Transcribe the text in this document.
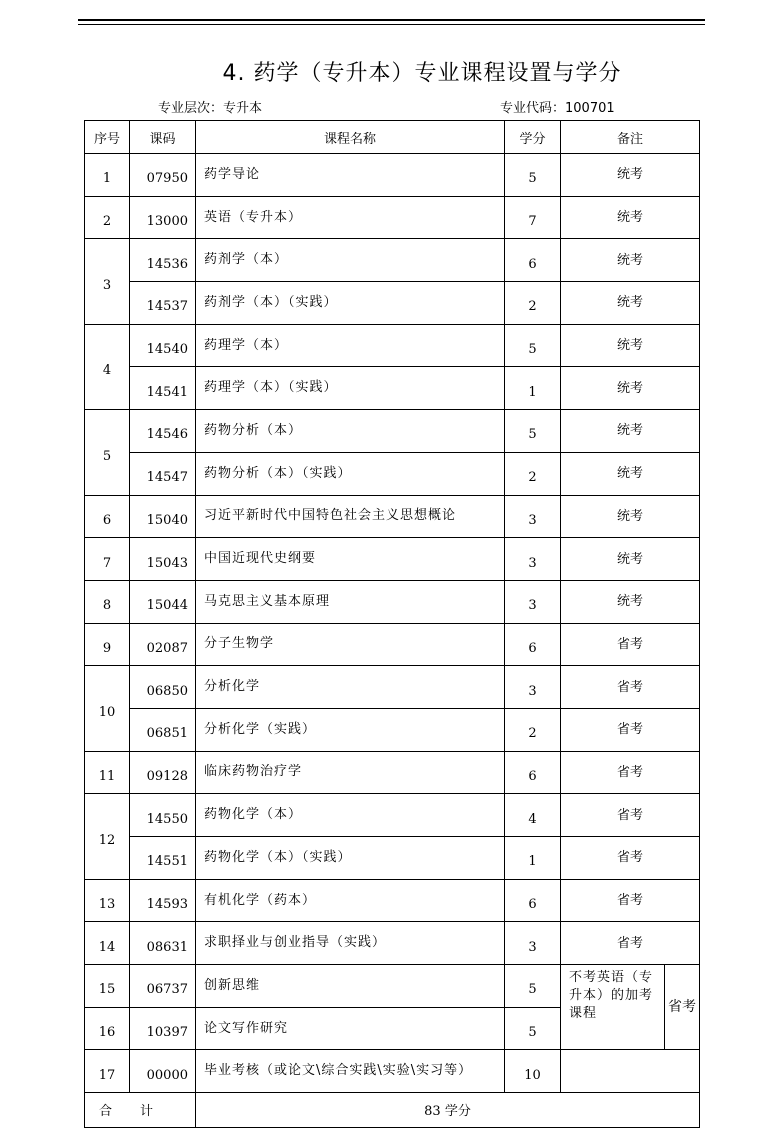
4. 药学（专升本）专业课程设置与学分
专业层次：专升本	专业代码：100701
序号	课码	课程名称	学分	备注
1	07950	药学导论	5	统考
2	13000	英语（专升本）	7	统考
3	14536	药剂学（本）	6	统考
	14537	药剂学（本）（实践）	2	统考
4	14540	药理学（本）	5	统考
	14541	药理学（本）（实践）	1	统考
5	14546	药物分析（本）	5	统考
	14547	药物分析（本）（实践）	2	统考
6	15040	习近平新时代中国特色社会主义思想概论	3	统考
7	15043	中国近现代史纲要	3	统考
8	15044	马克思主义基本原理	3	统考
9	02087	分子生物学	6	省考
10	06850	分析化学	3	省考
	06851	分析化学（实践）	2	省考
11	09128	临床药物治疗学	6	省考
12	14550	药物化学（本）	4	省考
	14551	药物化学（本）（实践）	1	省考
13	14593	有机化学（药本）	6	省考
14	08631	求职择业与创业指导（实践）	3	省考
15	06737	创新思维	5	不考英语（专升本）的加考课程 省考

16	10397	论文写作研究	5	
17	00000	毕业考核（或论文\综合实践\实验\实习等）	10	
合计		83 学分		
